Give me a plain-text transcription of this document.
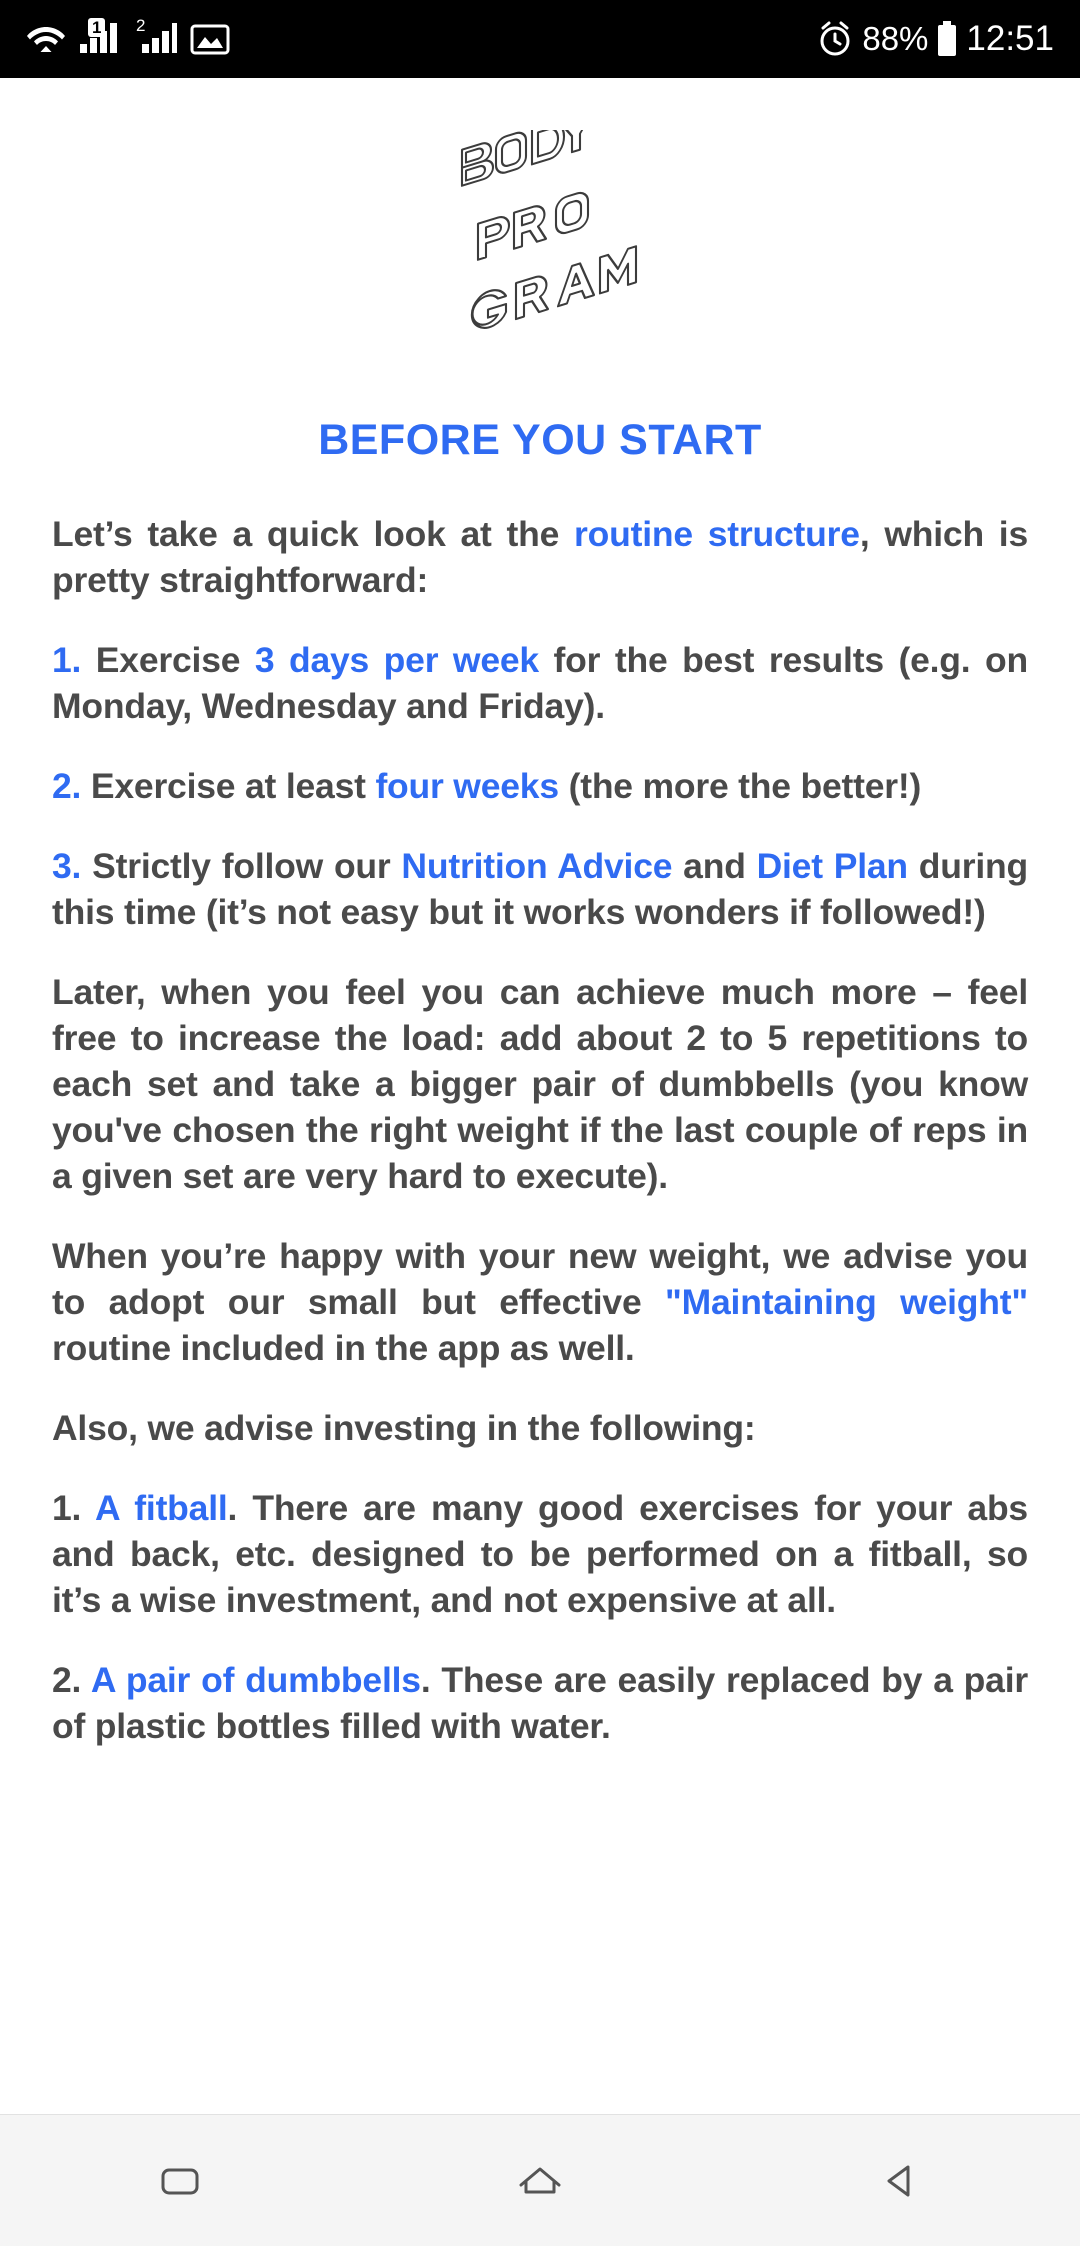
1 2	88% 12:51
BEFORE YOU START

Let’s take a quick look at the routine structure, which is pretty straightforward:

1. Exercise 3 days per week for the best results (e.g. on Monday, Wednesday and Friday).

2. Exercise at least four weeks (the more the better!)

3. Strictly follow our Nutrition Advice and Diet Plan during this time (it’s not easy but it works wonders if followed!)

Later, when you feel you can achieve much more – feel free to increase the load: add about 2 to 5 repetitions to each set and take a bigger pair of dumbbells (you know you've chosen the right weight if the last couple of reps in a given set are very hard to execute).

When you’re happy with your new weight, we advise you to adopt our small but effective "Maintaining weight" routine included in the app as well.

Also, we advise investing in the following:

1. A fitball. There are many good exercises for your abs and back, etc. designed to be performed on a fitball, so it’s a wise investment, and not expensive at all.

2. A pair of dumbbells. These are easily replaced by a pair of plastic bottles filled with water.
